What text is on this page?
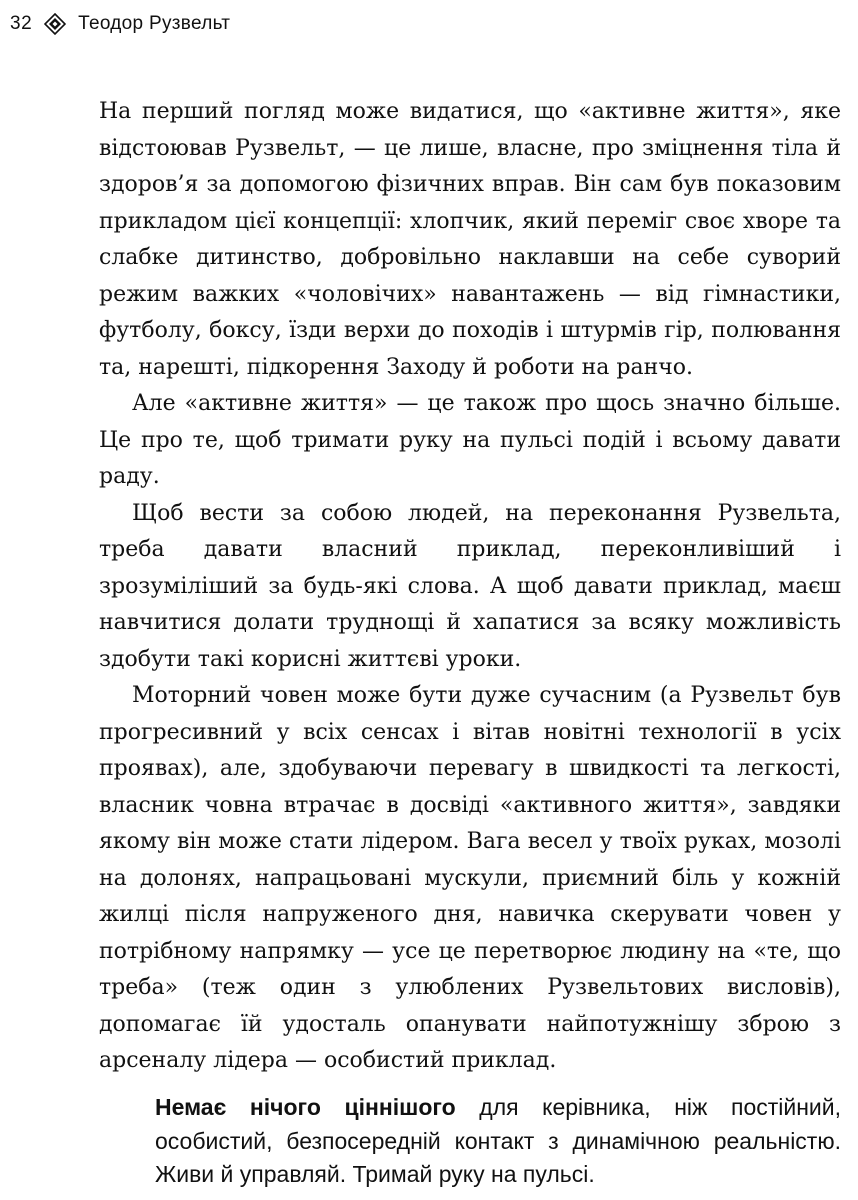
32 Теодор Рузвельт

На перший погляд може видатися, що «активне життя», яке відстоював Рузвельт, — це лише, власне, про зміцнення тіла й здоров’я за допомогою фізичних вправ. Він сам був показовим прикладом цієї концепції: хлопчик, який переміг своє хворе та слабке дитинство, добровільно наклавши на себе суворий режим важких «чоловічих» навантажень — від гімнастики, футболу, боксу, їзди верхи до походів і штурмів гір, полювання та, нарешті, підкорення Заходу й роботи на ранчо.

Але «активне життя» — це також про щось значно більше. Це про те, щоб тримати руку на пульсі подій і всьому давати раду.

Щоб вести за собою людей, на переконання Рузвельта, треба давати власний приклад, переконливіший і зрозуміліший за будь-які слова. А щоб давати приклад, маєш навчитися долати труднощі й хапатися за всяку можливість здобути такі корисні життєві уроки.

Моторний човен може бути дуже сучасним (а Рузвельт був прогресивний у всіх сенсах і вітав новітні технології в усіх проявах), але, здобуваючи перевагу в швидкості та легкості, власник човна втрачає в досвіді «активного життя», завдяки якому він може стати лідером. Вага весел у твоїх руках, мозолі на долонях, напрацьовані мускули, приємний біль у кожній жилці після напруженого дня, навичка скерувати човен у потрібному напрямку — усе це перетворює людину на «те, що треба» (теж один з улюблених Рузвельтових висловів), допомагає їй удосталь опанувати найпотужнішу зброю з арсеналу лідера — особистий приклад.

Немає нічого ціннішого для керівника, ніж постійний, особистий, безпосередній контакт з динамічною реальністю. Живи й управляй. Тримай руку на пульсі.
